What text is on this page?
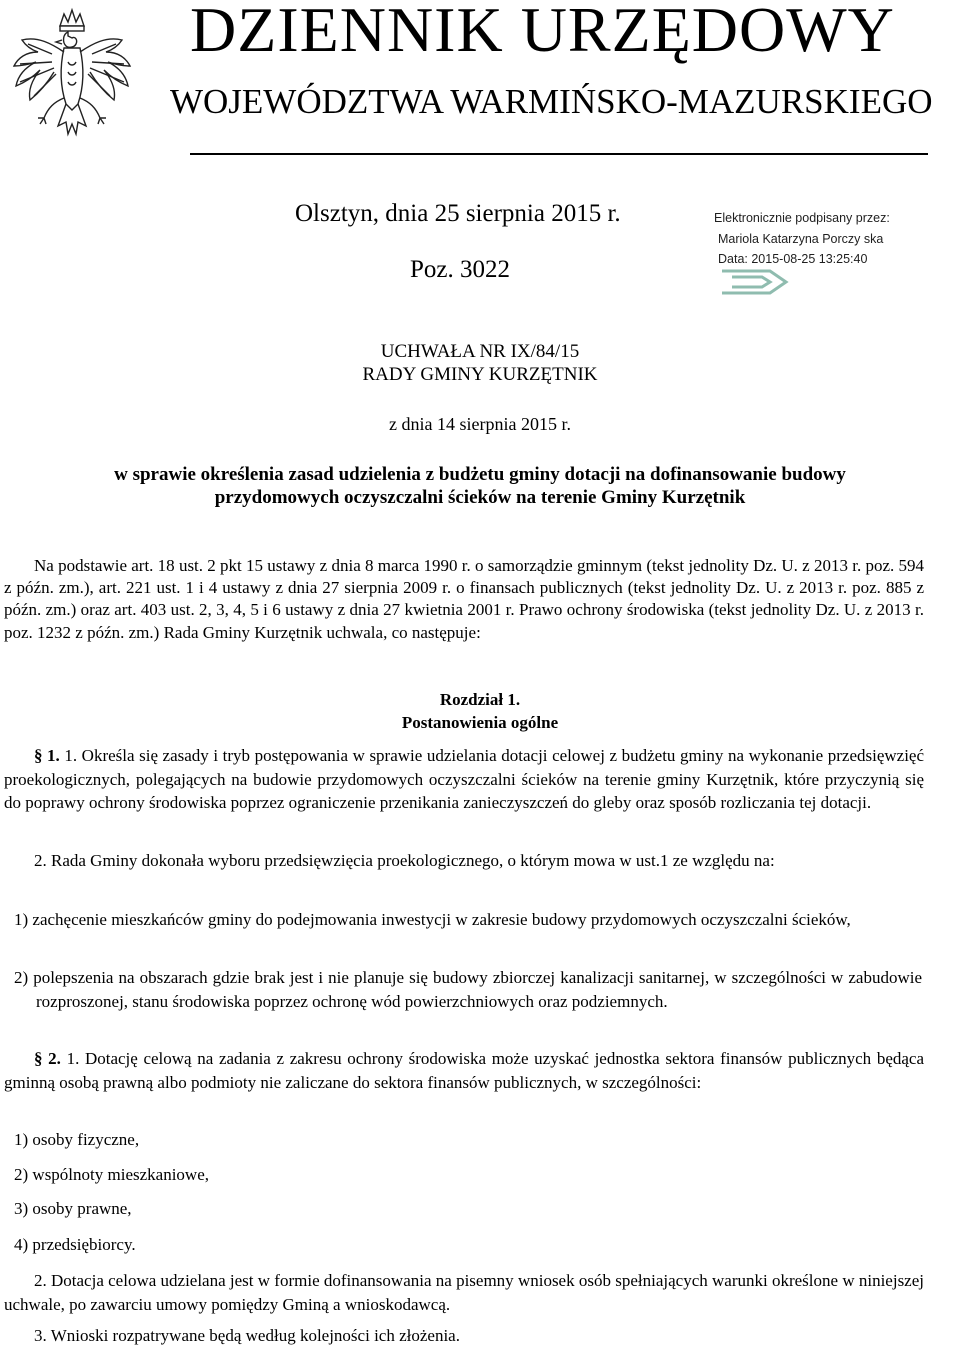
DZIENNIK URZĘDOWY
WOJEWÓDZTWA WARMIŃSKO-MAZURSKIEGO
Olsztyn, dnia 25 sierpnia 2015 r.
Poz. 3022
Elektronicznie podpisany przez:
Mariola Katarzyna Porczy ska
Data: 2015-08-25 13:25:40
UCHWAŁA NR IX/84/15
RADY GMINY KURZĘTNIK
z dnia 14 sierpnia 2015 r.
w sprawie określenia zasad udzielenia z budżetu gminy dotacji na dofinansowanie budowy
przydomowych oczyszczalni ścieków na terenie Gminy Kurzętnik
Na podstawie art. 18 ust. 2 pkt 15 ustawy z dnia 8 marca 1990 r. o samorządzie gminnym (tekst jednolity Dz. U. z 2013 r. poz. 594 z późn. zm.), art. 221 ust. 1 i 4 ustawy z dnia 27 sierpnia 2009 r. o finansach publicznych (tekst jednolity Dz. U. z 2013 r. poz. 885 z późn. zm.) oraz art. 403 ust. 2, 3, 4, 5 i 6 ustawy z dnia 27 kwietnia 2001 r. Prawo ochrony środowiska (tekst jednolity Dz. U. z 2013 r. poz. 1232 z późn. zm.) Rada Gminy Kurzętnik uchwala, co następuje:
Rozdział 1.
Postanowienia ogólne
§ 1. 1. Określa się zasady i tryb postępowania w sprawie udzielania dotacji celowej z budżetu gminy na wykonanie przedsięwzięć proekologicznych, polegających na budowie przydomowych oczyszczalni ścieków na terenie gminy Kurzętnik, które przyczynią się do poprawy ochrony środowiska poprzez ograniczenie przenikania zanieczyszczeń do gleby oraz sposób rozliczania tej dotacji.
2. Rada Gminy dokonała wyboru przedsięwzięcia proekologicznego, o którym mowa w ust.1 ze względu na:
1) zachęcenie mieszkańców gminy do podejmowania inwestycji w zakresie budowy przydomowych oczyszczalni ścieków,
2) polepszenia na obszarach gdzie brak jest i nie planuje się budowy zbiorczej kanalizacji sanitarnej, w szczególności w zabudowie rozproszonej, stanu środowiska poprzez ochronę wód powierzchniowych oraz podziemnych.
§ 2. 1. Dotację celową na zadania z zakresu ochrony środowiska może uzyskać jednostka sektora finansów publicznych będąca gminną osobą prawną albo podmioty nie zaliczane do sektora finansów publicznych, w szczególności:
1) osoby fizyczne,
2) wspólnoty mieszkaniowe,
3) osoby prawne,
4) przedsiębiorcy.
2. Dotacja celowa udzielana jest w formie dofinansowania na pisemny wniosek osób spełniających warunki określone w niniejszej uchwale, po zawarciu umowy pomiędzy Gminą a wnioskodawcą.
3. Wnioski rozpatrywane będą według kolejności ich złożenia.
